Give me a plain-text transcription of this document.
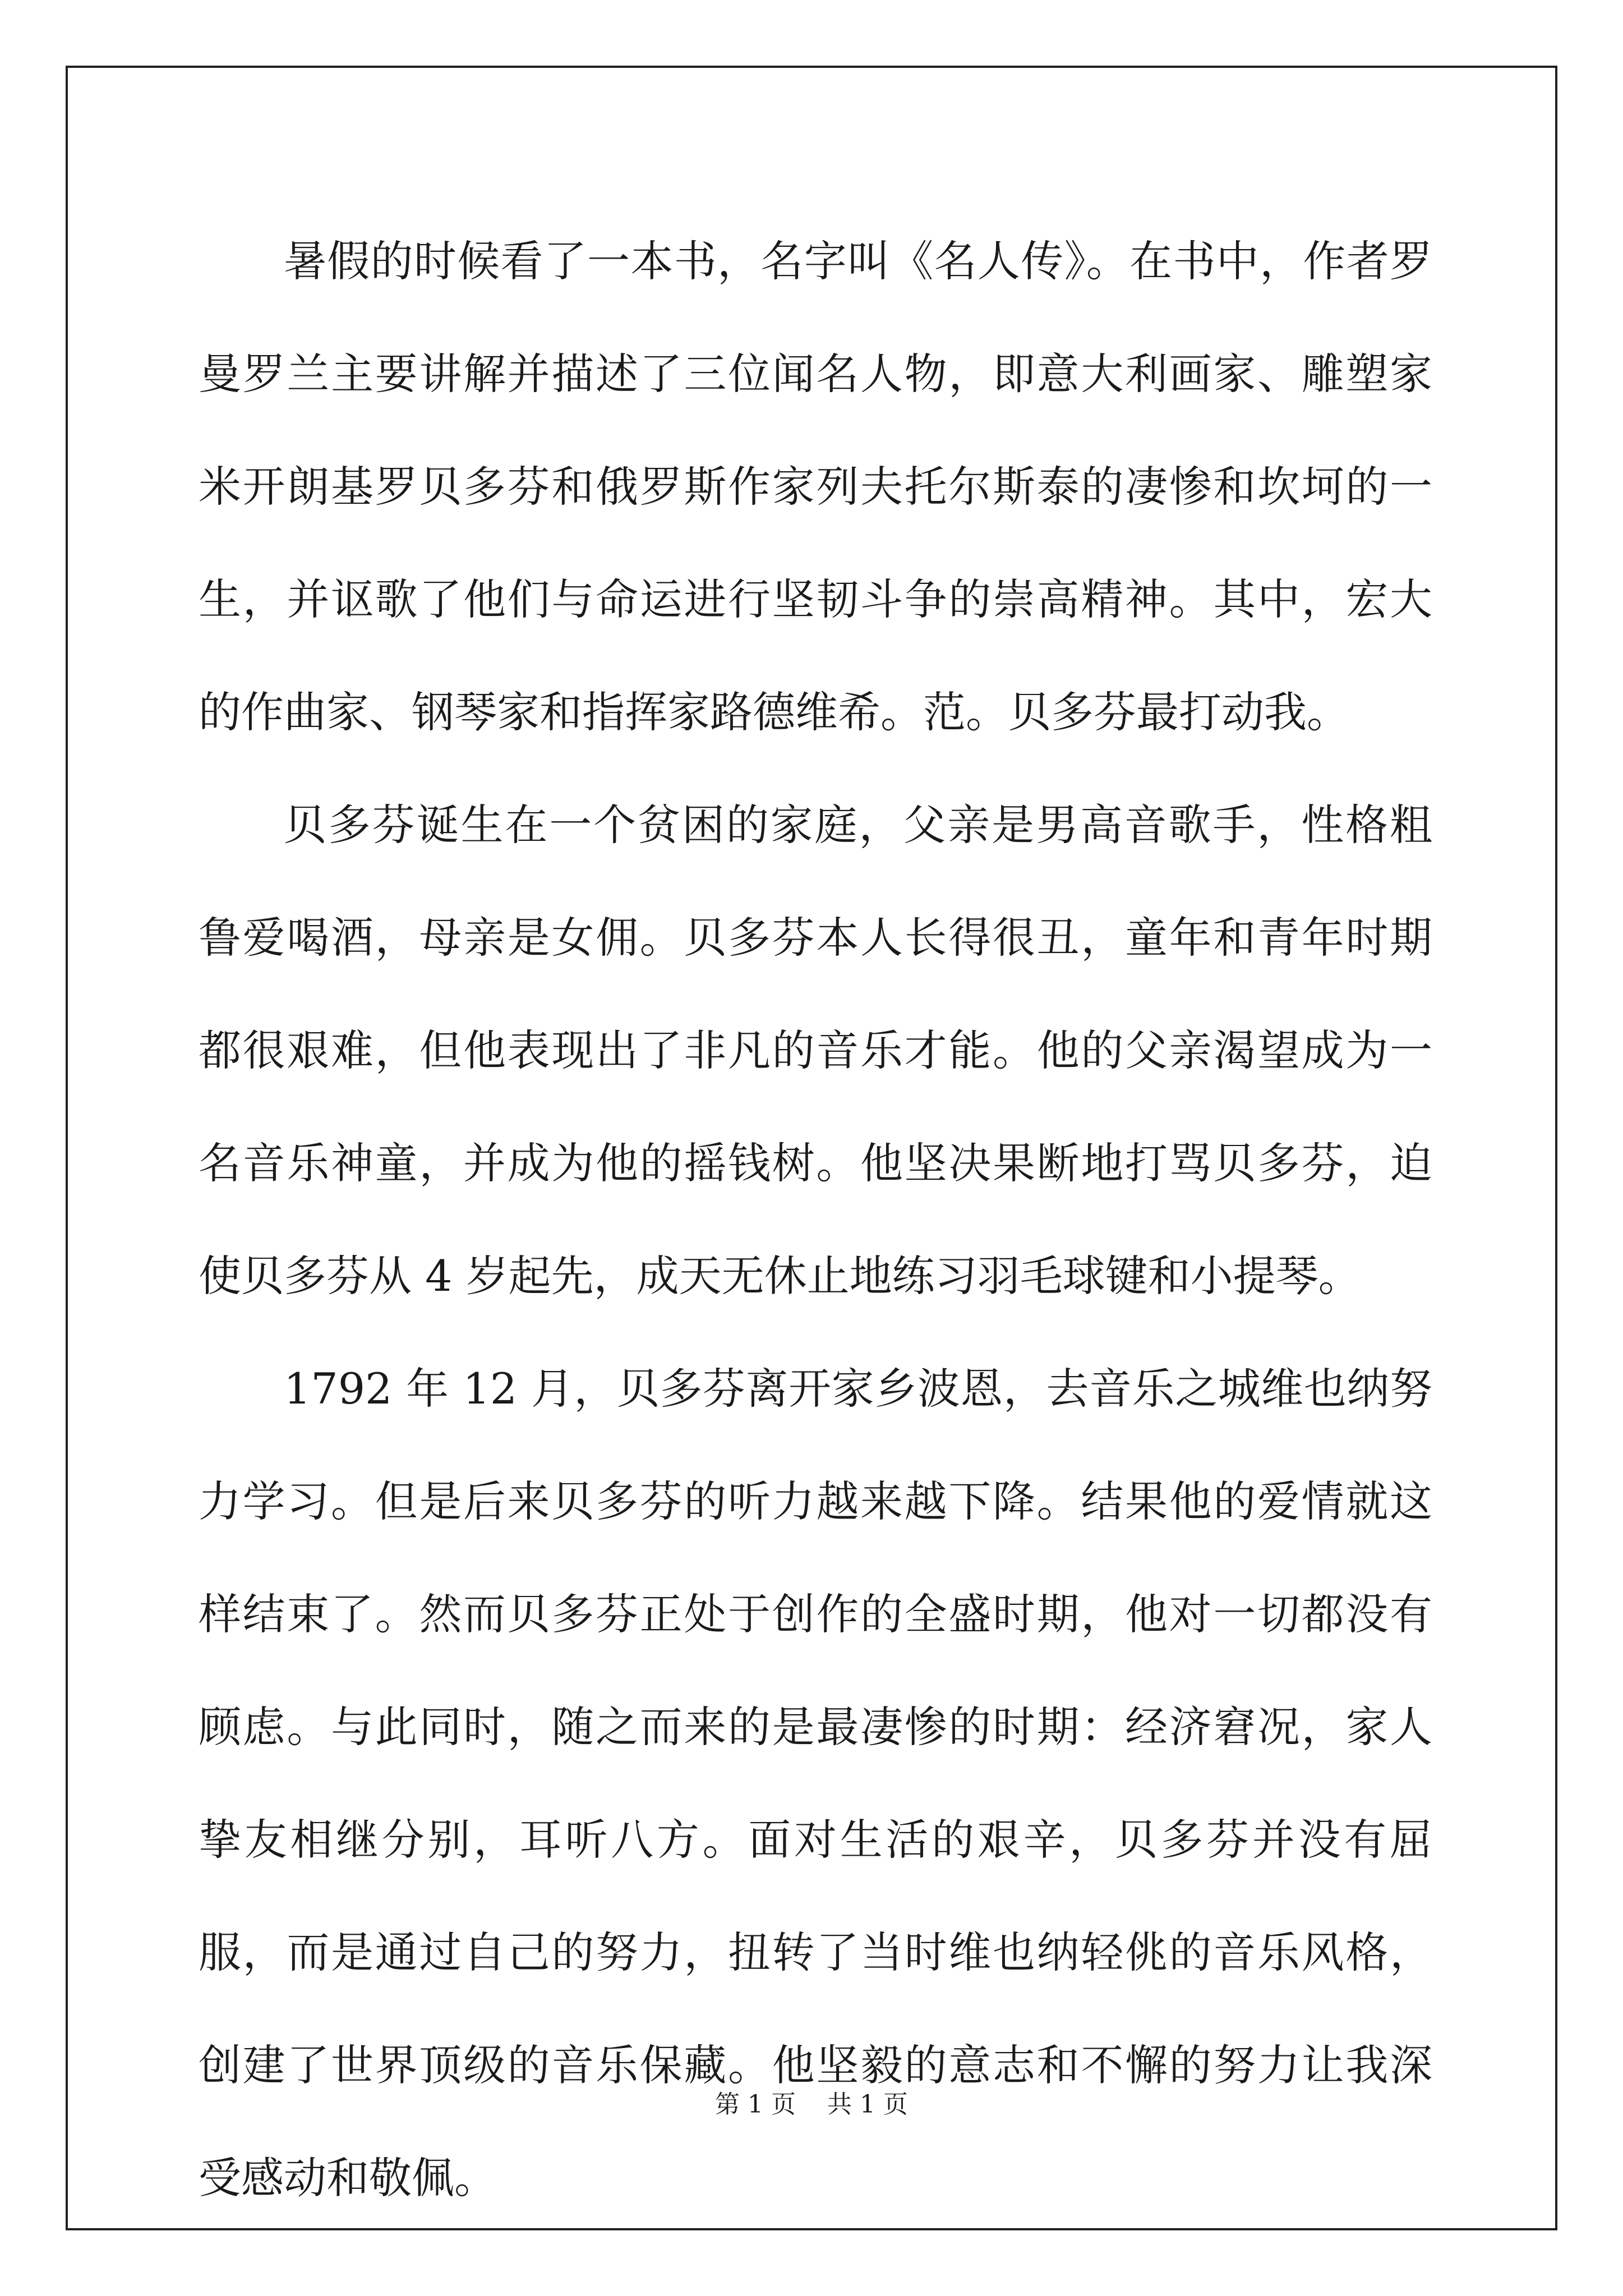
暑假的时候看了一本书，名字叫《名人传》。在书中，作者罗曼罗兰主要讲解并描述了三位闻名人物，即意大利画家、雕塑家米开朗基罗贝多芬和俄罗斯作家列夫托尔斯泰的凄惨和坎坷的一生，并讴歌了他们与命运进行坚韧斗争的崇高精神。其中，宏大的作曲家、钢琴家和指挥家路德维希。范。贝多芬最打动我。

贝多芬诞生在一个贫困的家庭，父亲是男高音歌手，性格粗鲁爱喝酒，母亲是女佣。贝多芬本人长得很丑，童年和青年时期都很艰难，但他表现出了非凡的音乐才能。他的父亲渴望成为一名音乐神童，并成为他的摇钱树。他坚决果断地打骂贝多芬，迫使贝多芬从 4 岁起先，成天无休止地练习羽毛球键和小提琴。

1792 年 12 月，贝多芬离开家乡波恩，去音乐之城维也纳努力学习。但是后来贝多芬的听力越来越下降。结果他的爱情就这样结束了。然而贝多芬正处于创作的全盛时期，他对一切都没有顾虑。与此同时，随之而来的是最凄惨的时期：经济窘况，家人挚友相继分别，耳听八方。面对生活的艰辛，贝多芬并没有屈服，而是通过自己的努力，扭转了当时维也纳轻佻的音乐风格，创建了世界顶级的音乐保藏。他坚毅的意志和不懈的努力让我深受感动和敬佩。

第 1 页    共 1 页
